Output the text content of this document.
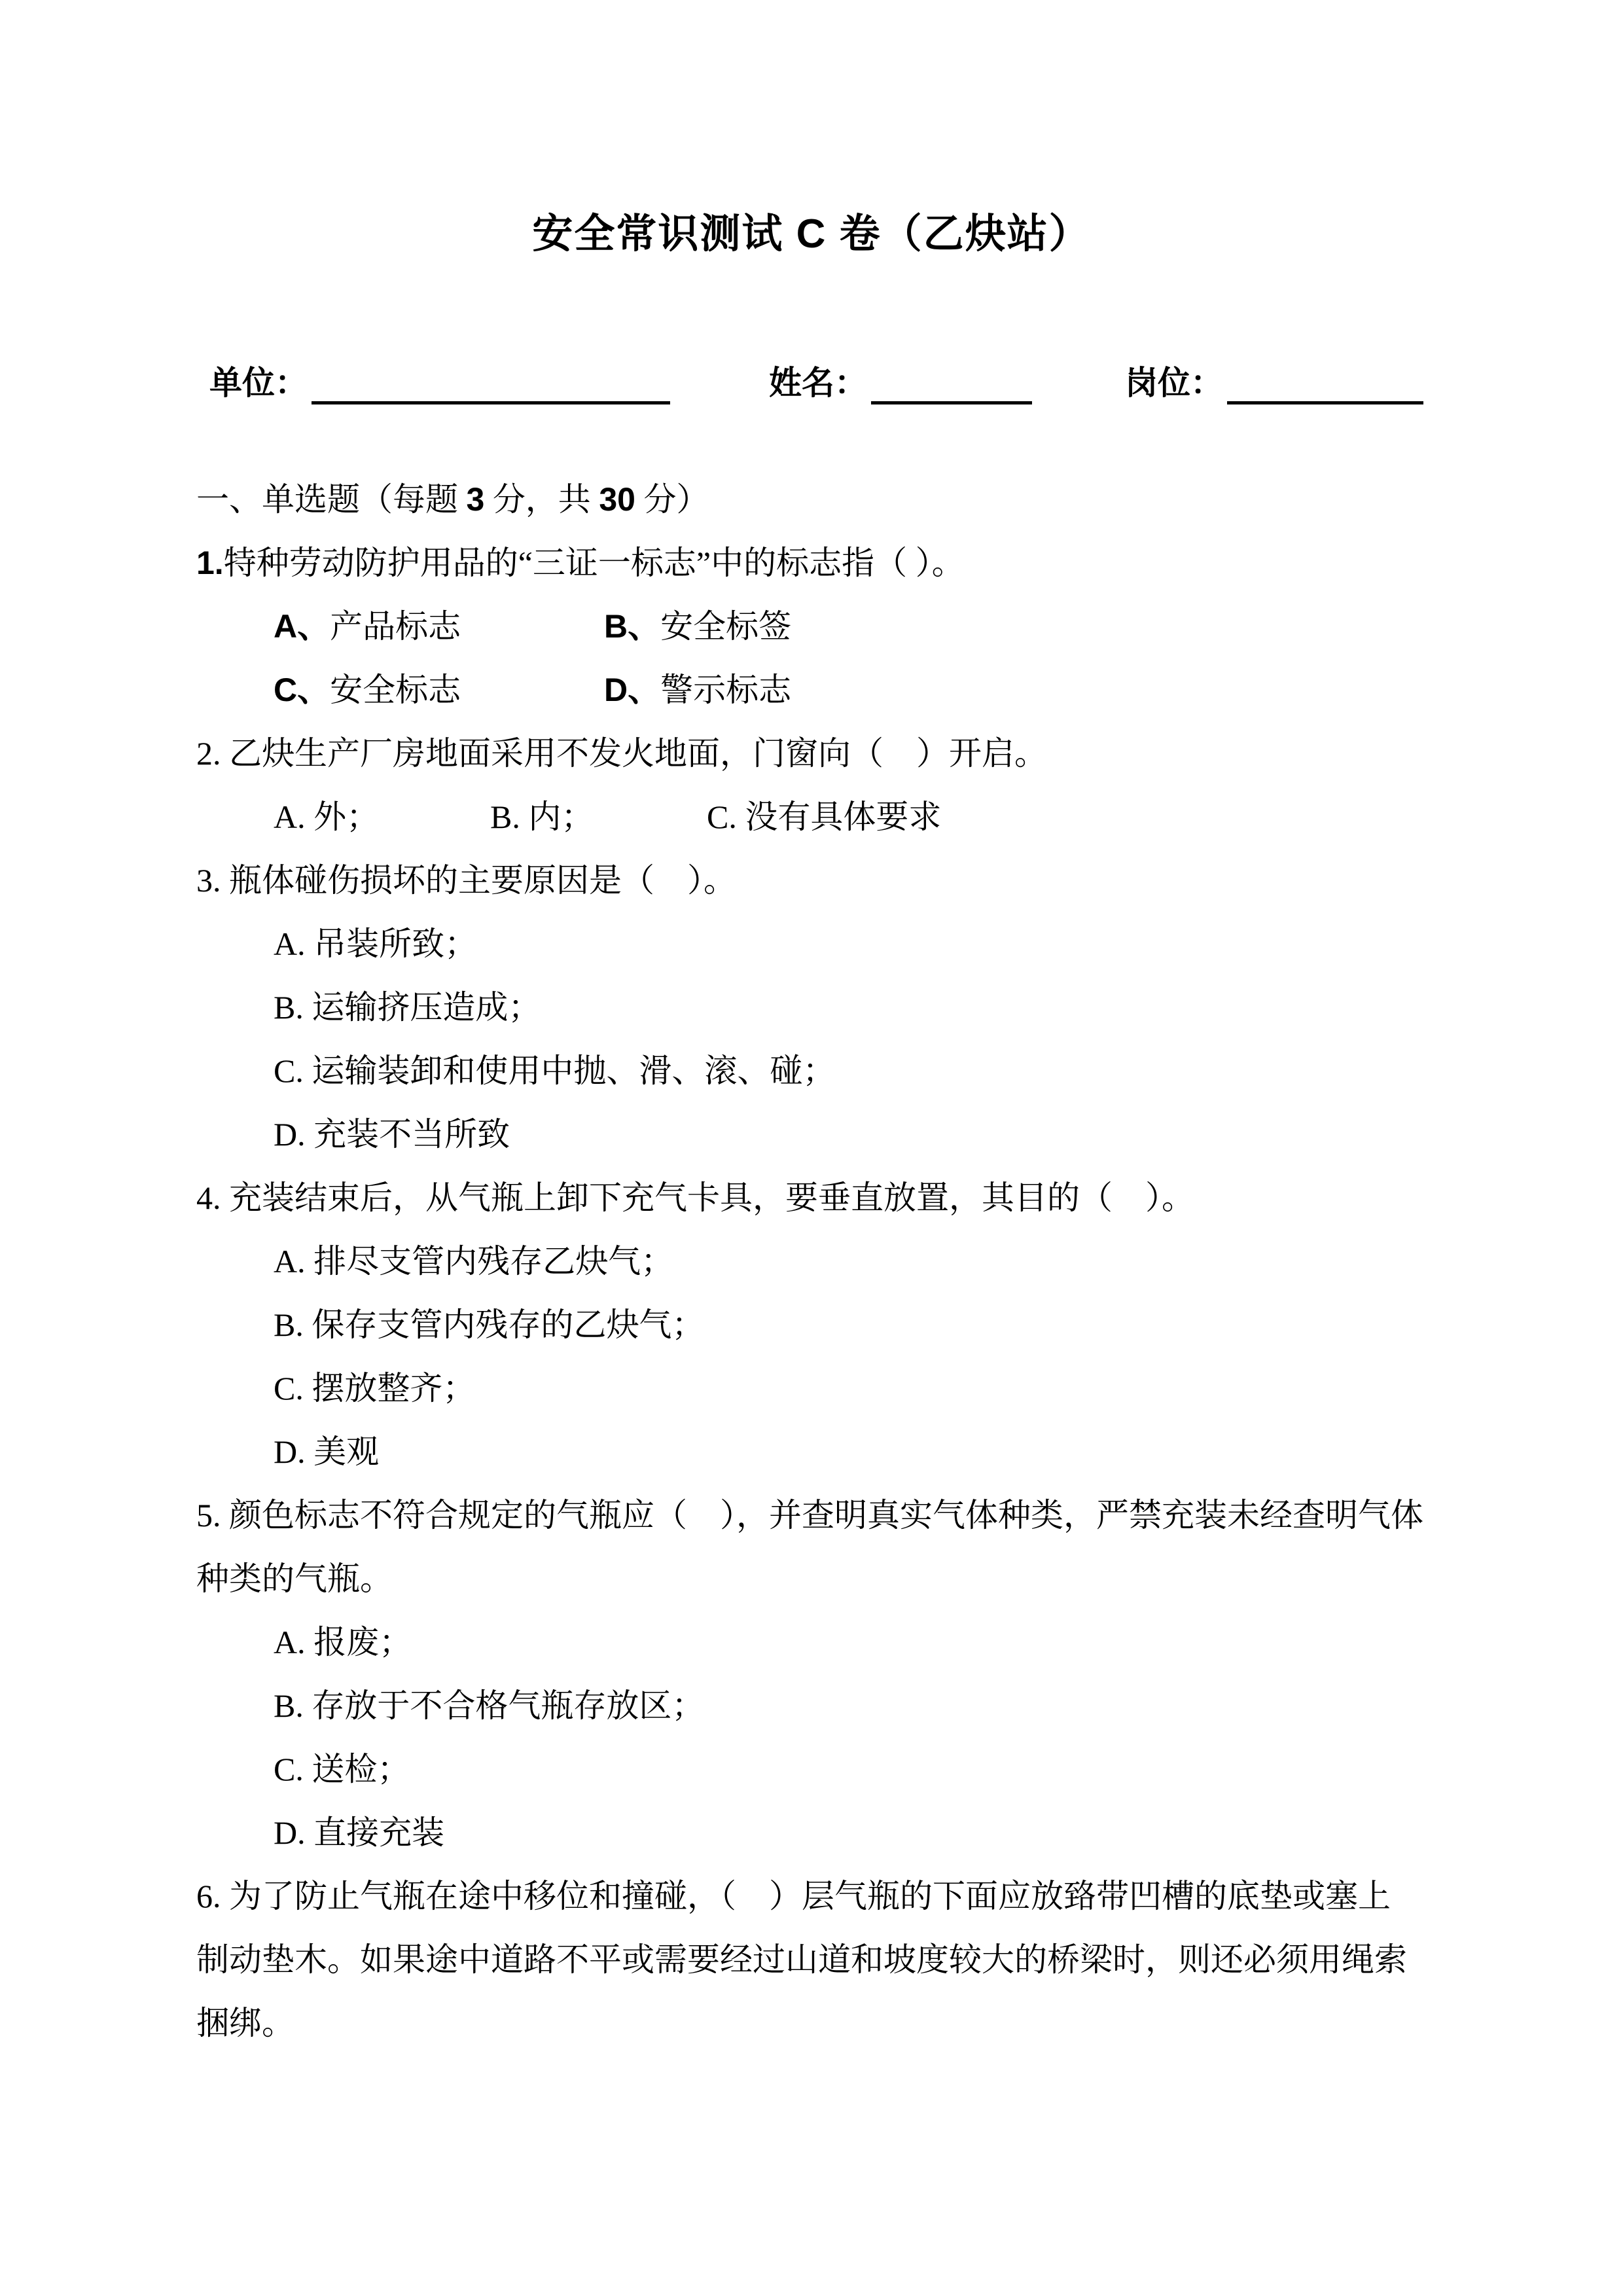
安全常识测试 C 卷（乙炔站）
单位：	姓名：	岗位：
一、单选题（每题 3 分，共 30 分）
1.特种劳动防护用品的“三证一标志”中的标志指（ ）。
A、产品标志	B、安全标签
C、安全标志	D、警示标志
2. 乙炔生产厂房地面采用不发火地面，门窗向（　）开启。
A. 外；	B. 内；	C. 没有具体要求
3. 瓶体碰伤损坏的主要原因是（　）。
A. 吊装所致；
B. 运输挤压造成；
C. 运输装卸和使用中抛、滑、滚、碰；
D. 充装不当所致
4. 充装结束后，从气瓶上卸下充气卡具，要垂直放置，其目的（　）。
A. 排尽支管内残存乙炔气；
B. 保存支管内残存的乙炔气；
C. 摆放整齐；
D. 美观
5. 颜色标志不符合规定的气瓶应（　），并查明真实气体种类，严禁充装未经查明气体
种类的气瓶。
A. 报废；
B. 存放于不合格气瓶存放区；
C. 送检；
D. 直接充装
6. 为了防止气瓶在途中移位和撞碰，（　）层气瓶的下面应放臵带凹槽的底垫或塞上
制动垫木。如果途中道路不平或需要经过山道和坡度较大的桥梁时，则还必须用绳索
捆绑。
